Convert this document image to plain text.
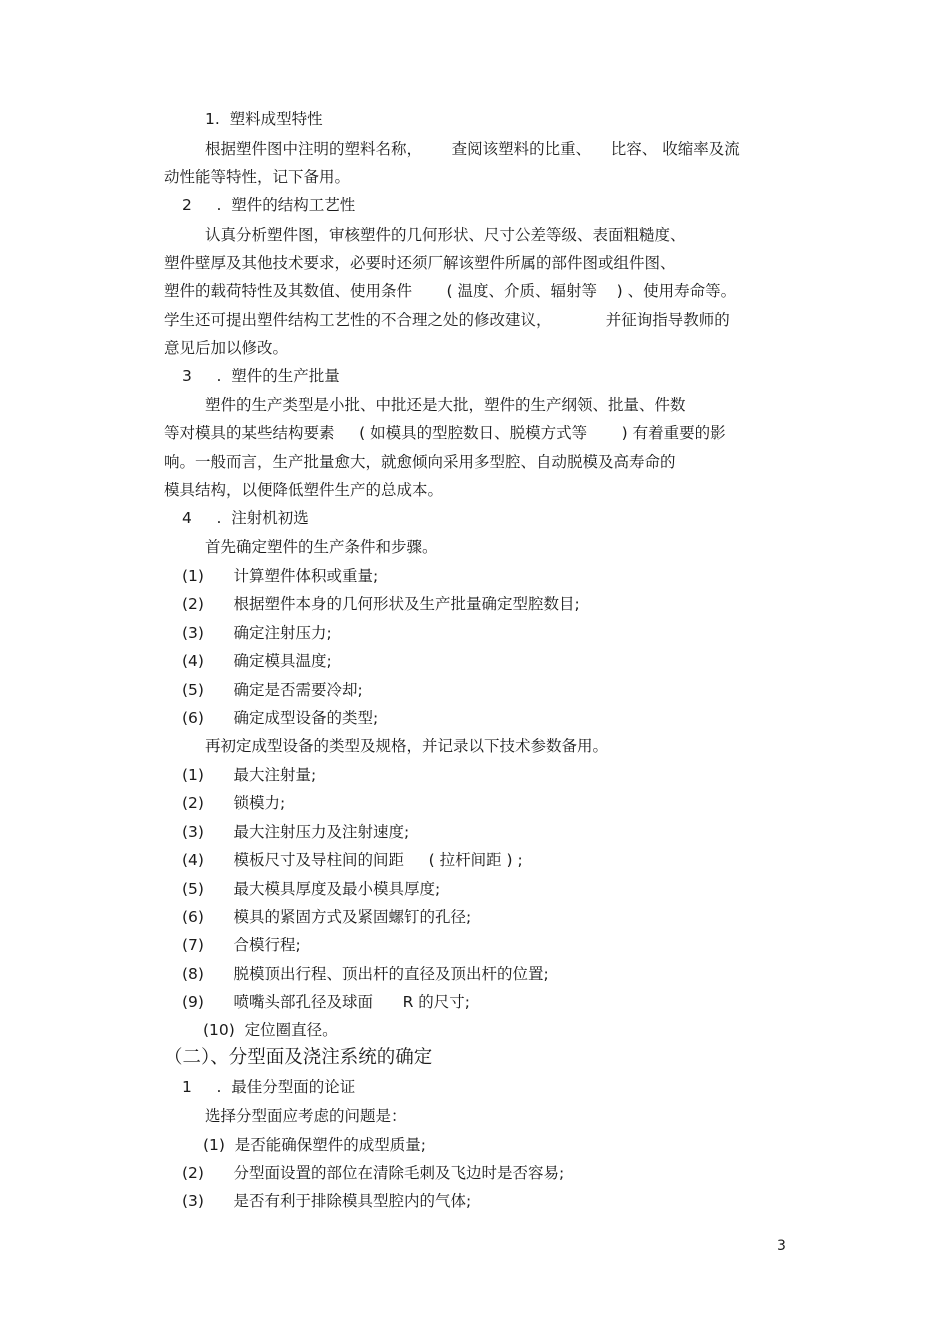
1.  塑料成型特性
根据塑件图中注明的塑料名称，      查阅该塑料的比重、    比容、 收缩率及流
动性能等特性，记下备用。
2     .  塑件的结构工艺性
认真分析塑件图，审核塑件的几何形状、尺寸公差等级、表面粗糙度、
塑件壁厚及其他技术要求，必要时还须厂解该塑件所属的部件图或组件图、
塑件的载荷特性及其数值、使用条件       ( 温度、介质、辐射等    ) 、使用寿命等。
学生还可提出塑件结构工艺性的不合理之处的修改建议，           并征询指导教师的
意见后加以修改。
3     .  塑件的生产批量
塑件的生产类型是小批、中批还是大批，塑件的生产纲领、批量、件数
等对模具的某些结构要素     ( 如模具的型腔数日、脱模方式等       ) 有着重要的影
响。一般而言，生产批量愈大，就愈倾向采用多型腔、自动脱模及高寿命的
模具结构，以便降低塑件生产的总成本。
4     .  注射机初选
首先确定塑件的生产条件和步骤。
(1)      计算塑件体积或重量;
(2)      根据塑件本身的几何形状及生产批量确定型腔数目;
(3)      确定注射压力;
(4)      确定模具温度;
(5)      确定是否需要冷却;
(6)      确定成型设备的类型;
再初定成型设备的类型及规格，并记录以下技术参数备用。
(1)      最大注射量;
(2)      锁模力;
(3)      最大注射压力及注射速度;
(4)      模板尺寸及导柱间的间距     ( 拉杆间距 ) ;
(5)      最大模具厚度及最小模具厚度;
(6)      模具的紧固方式及紧固螺钉的孔径;
(7)      合模行程;
(8)      脱模顶出行程、顶出杆的直径及顶出杆的位置;
(9)      喷嘴头部孔径及球面      R 的尺寸;
(10)  定位圈直径。
（二）、分型面及浇注系统的确定
1     .  最佳分型面的论证
选择分型面应考虑的问题是：
(1)  是否能确保塑件的成型质量;
(2)      分型面设置的部位在清除毛刺及飞边时是否容易;
(3)      是否有利于排除模具型腔内的气体;
3
